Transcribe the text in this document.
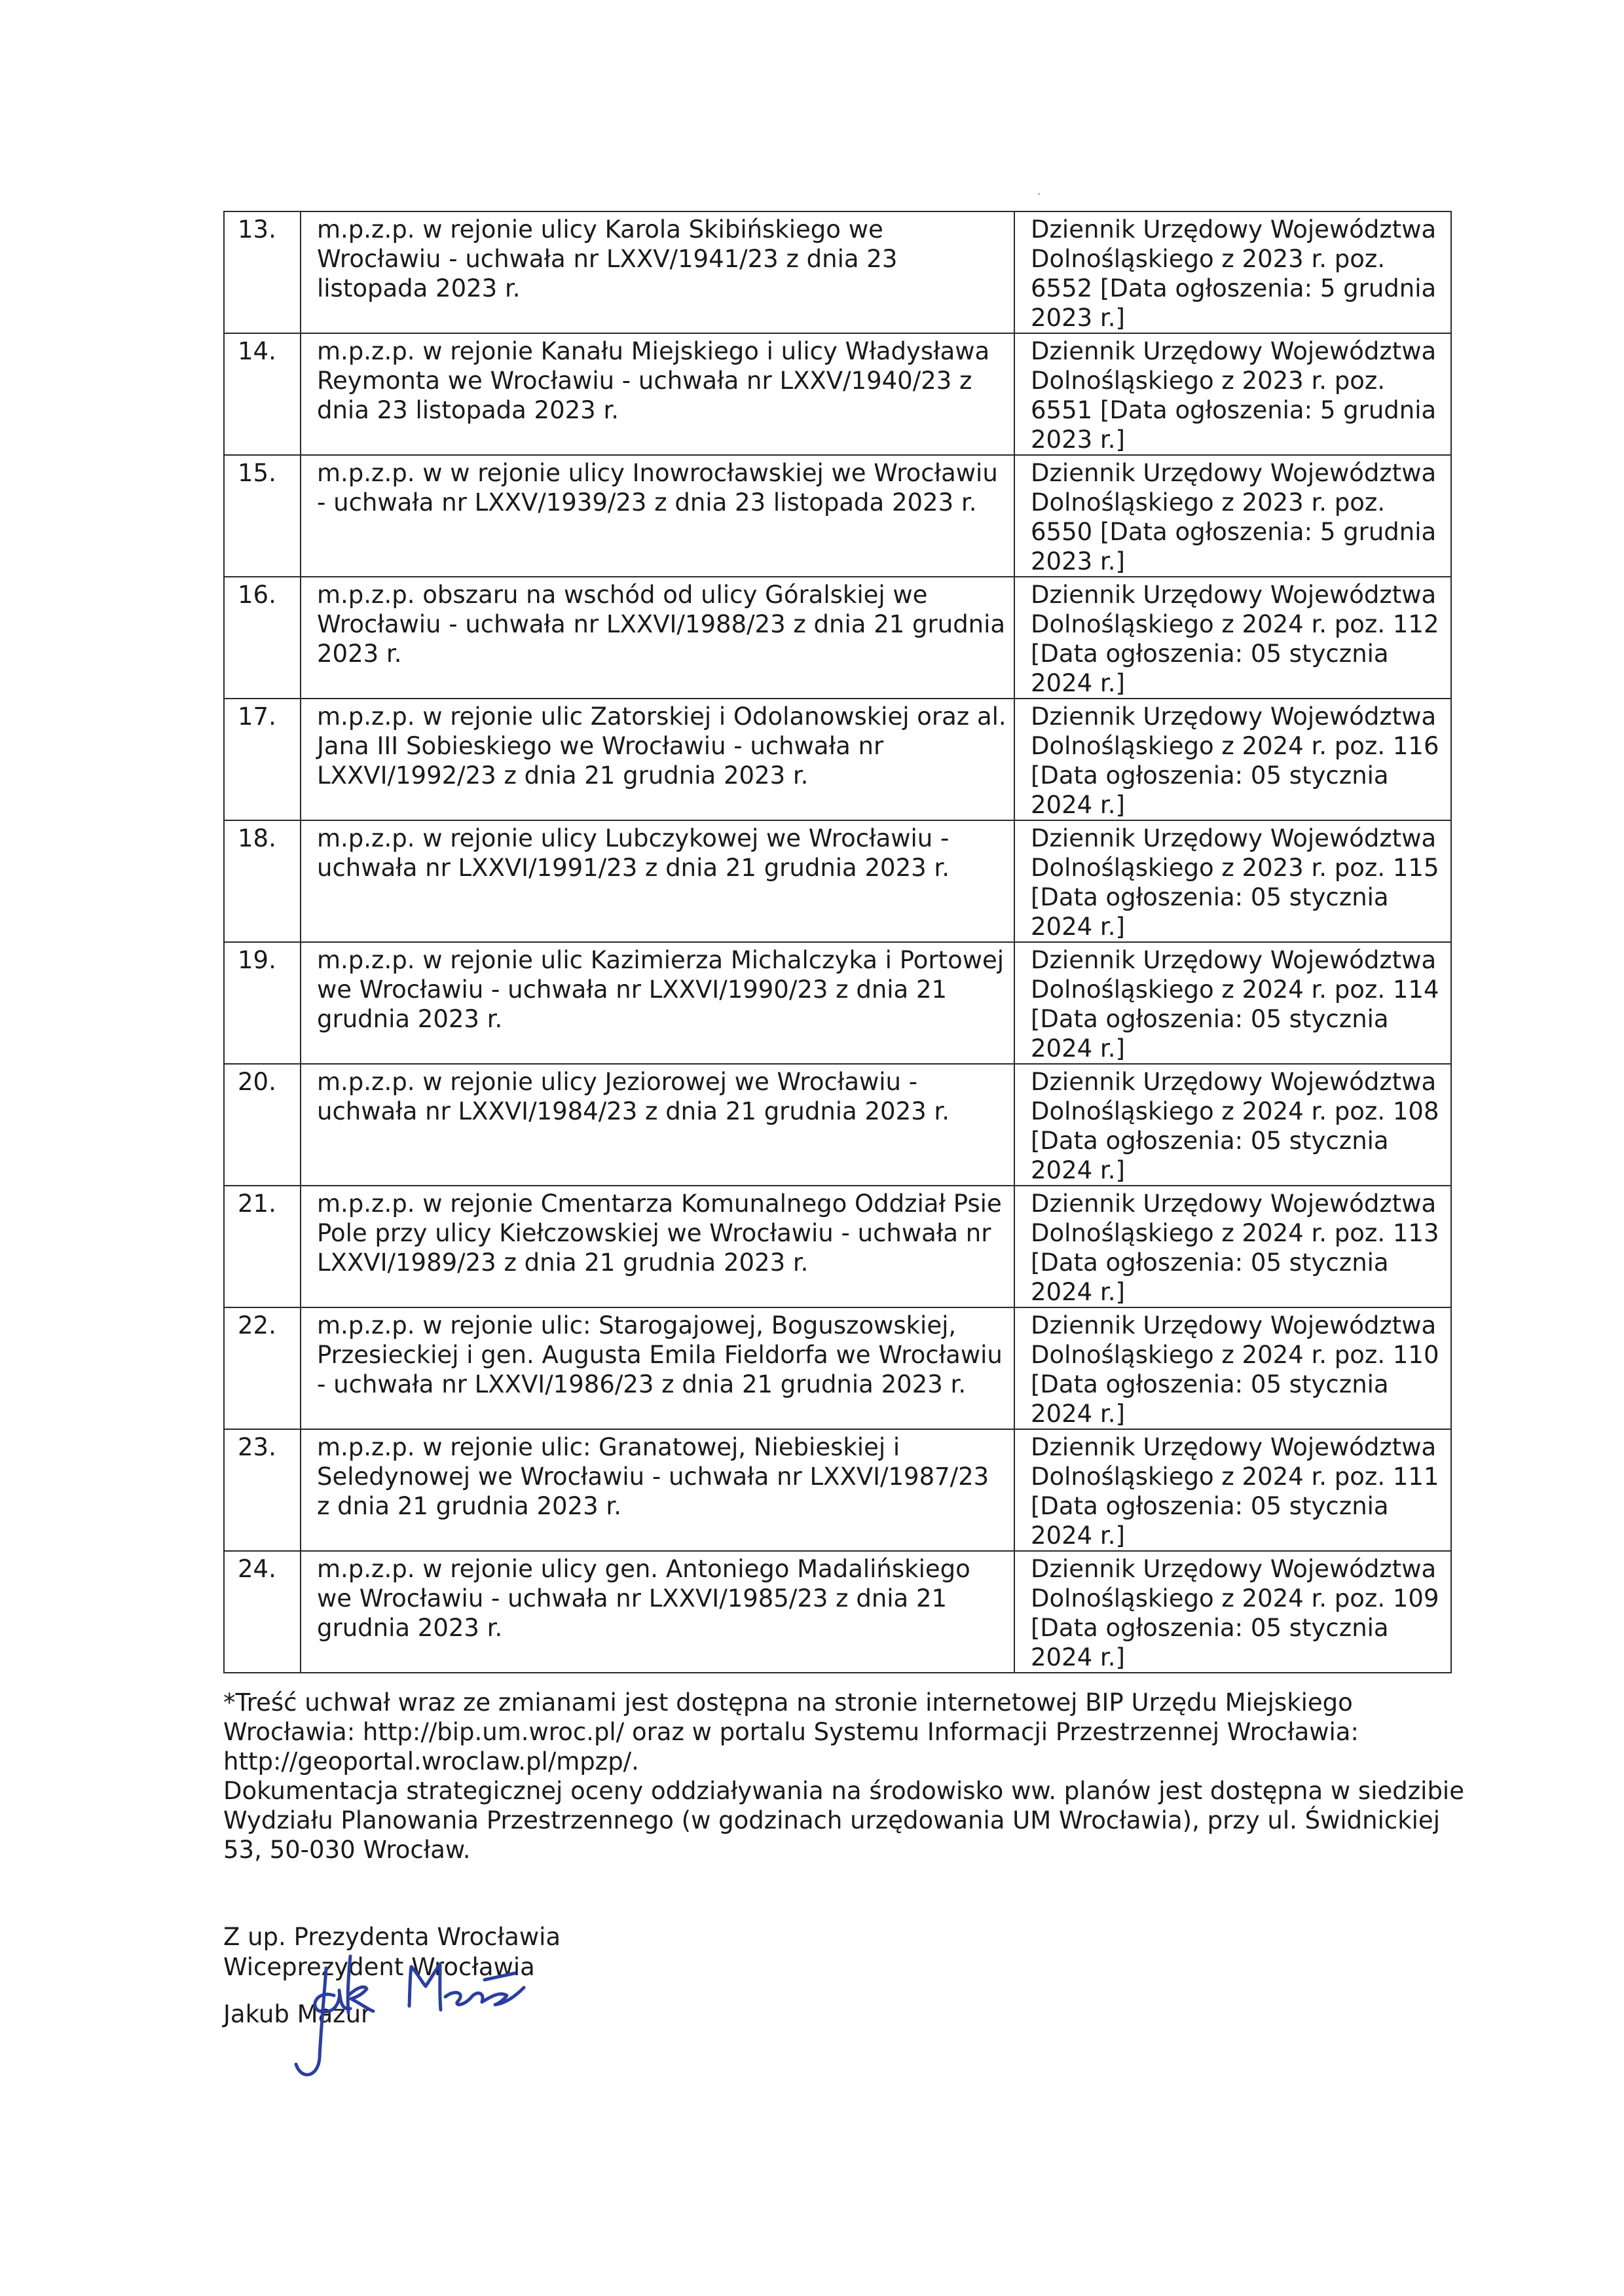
13.	m.p.z.p. w rejonie ulicy Karola Skibińskiego we Wrocławiu - uchwała nr LXXV/1941/23 z dnia 23 listopada 2023 r.	Dziennik Urzędowy Województwa Dolnośląskiego z 2023 r. poz. 6552 [Data ogłoszenia: 5 grudnia 2023 r.]
14.	m.p.z.p. w rejonie Kanału Miejskiego i ulicy Władysława Reymonta we Wrocławiu - uchwała nr LXXV/1940/23 z dnia 23 listopada 2023 r.	Dziennik Urzędowy Województwa Dolnośląskiego z 2023 r. poz. 6551 [Data ogłoszenia: 5 grudnia 2023 r.]
15.	m.p.z.p. w w rejonie ulicy Inowrocławskiej we Wrocławiu - uchwała nr LXXV/1939/23 z dnia 23 listopada 2023 r.	Dziennik Urzędowy Województwa Dolnośląskiego z 2023 r. poz. 6550 [Data ogłoszenia: 5 grudnia 2023 r.]
16.	m.p.z.p. obszaru na wschód od ulicy Góralskiej we Wrocławiu - uchwała nr LXXVI/1988/23 z dnia 21 grudnia 2023 r.	Dziennik Urzędowy Województwa Dolnośląskiego z 2024 r. poz. 112 [Data ogłoszenia: 05 stycznia 2024 r.]
17.	m.p.z.p. w rejonie ulic Zatorskiej i Odolanowskiej oraz al. Jana III Sobieskiego we Wrocławiu - uchwała nr LXXVI/1992/23 z dnia 21 grudnia 2023 r.	Dziennik Urzędowy Województwa Dolnośląskiego z 2024 r. poz. 116 [Data ogłoszenia: 05 stycznia 2024 r.]
18.	m.p.z.p. w rejonie ulicy Lubczykowej we Wrocławiu - uchwała nr LXXVI/1991/23 z dnia 21 grudnia 2023 r.	Dziennik Urzędowy Województwa Dolnośląskiego z 2023 r. poz. 115 [Data ogłoszenia: 05 stycznia 2024 r.]
19.	m.p.z.p. w rejonie ulic Kazimierza Michalczyka i Portowej we Wrocławiu - uchwała nr LXXVI/1990/23 z dnia 21 grudnia 2023 r.	Dziennik Urzędowy Województwa Dolnośląskiego z 2024 r. poz. 114 [Data ogłoszenia: 05 stycznia 2024 r.]
20.	m.p.z.p. w rejonie ulicy Jeziorowej we Wrocławiu - uchwała nr LXXVI/1984/23 z dnia 21 grudnia 2023 r.	Dziennik Urzędowy Województwa Dolnośląskiego z 2024 r. poz. 108 [Data ogłoszenia: 05 stycznia 2024 r.]
21.	m.p.z.p. w rejonie Cmentarza Komunalnego Oddział Psie Pole przy ulicy Kiełczowskiej we Wrocławiu - uchwała nr LXXVI/1989/23 z dnia 21 grudnia 2023 r.	Dziennik Urzędowy Województwa Dolnośląskiego z 2024 r. poz. 113 [Data ogłoszenia: 05 stycznia 2024 r.]
22.	m.p.z.p. w rejonie ulic: Starogajowej, Boguszowskiej, Przesieckiej i gen. Augusta Emila Fieldorfa we Wrocławiu - uchwała nr LXXVI/1986/23 z dnia 21 grudnia 2023 r.	Dziennik Urzędowy Województwa Dolnośląskiego z 2024 r. poz. 110 [Data ogłoszenia: 05 stycznia 2024 r.]
23.	m.p.z.p. w rejonie ulic: Granatowej, Niebieskiej i Seledynowej we Wrocławiu - uchwała nr LXXVI/1987/23 z dnia 21 grudnia 2023 r.	Dziennik Urzędowy Województwa Dolnośląskiego z 2024 r. poz. 111 [Data ogłoszenia: 05 stycznia 2024 r.]
24.	m.p.z.p. w rejonie ulicy gen. Antoniego Madalińskiego we Wrocławiu - uchwała nr LXXVI/1985/23 z dnia 21 grudnia 2023 r.	Dziennik Urzędowy Województwa Dolnośląskiego z 2024 r. poz. 109 [Data ogłoszenia: 05 stycznia 2024 r.]

*Treść uchwał wraz ze zmianami jest dostępna na stronie internetowej BIP Urzędu Miejskiego Wrocławia: http://bip.um.wroc.pl/ oraz w portalu Systemu Informacji Przestrzennej Wrocławia: http://geoportal.wroclaw.pl/mpzp/.

Dokumentacja strategicznej oceny oddziaływania na środowisko ww. planów jest dostępna w siedzibie Wydziału Planowania Przestrzennego (w godzinach urzędowania UM Wrocławia), przy ul. Świdnickiej 53, 50-030 Wrocław.

Z up. Prezydenta Wrocławia

Wiceprezydent Wrocławia

Jakub Mazur
